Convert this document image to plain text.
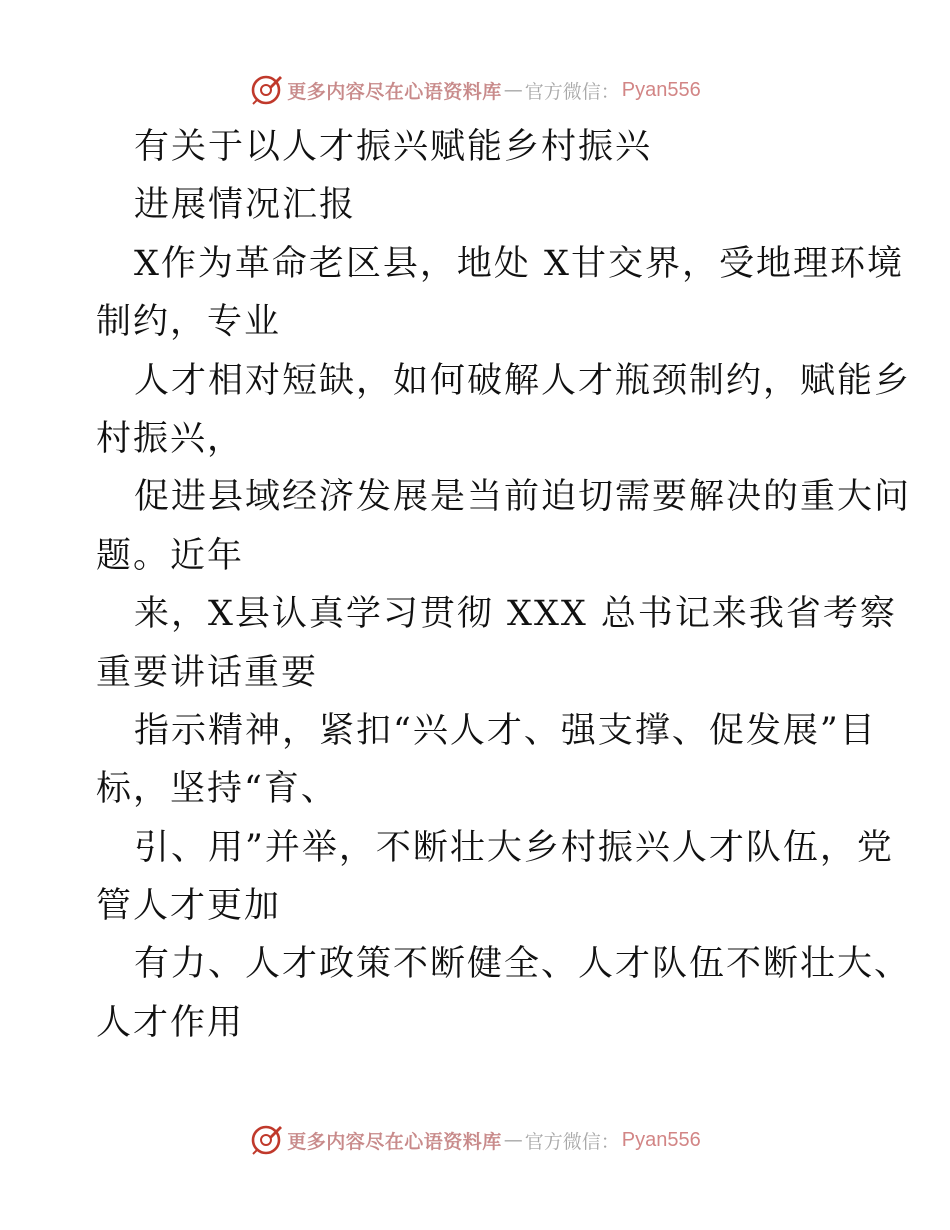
更多内容尽在心语资料库 — 官方微信： Pyan556
有关于以人才振兴赋能乡村振兴
进展情况汇报
X作为革命老区县，地处 X甘交界，受地理环境
制约，专业
人才相对短缺，如何破解人才瓶颈制约，赋能乡
村振兴，
促进县域经济发展是当前迫切需要解决的重大问
题。近年
来，X县认真学习贯彻 XXX 总书记来我省考察
重要讲话重要
指示精神，紧扣“兴人才、强支撑、促发展”目
标，坚持“育、
引、用”并举，不断壮大乡村振兴人才队伍，党
管人才更加
有力、人才政策不断健全、人才队伍不断壮大、
人才作用
更多内容尽在心语资料库 — 官方微信： Pyan556
